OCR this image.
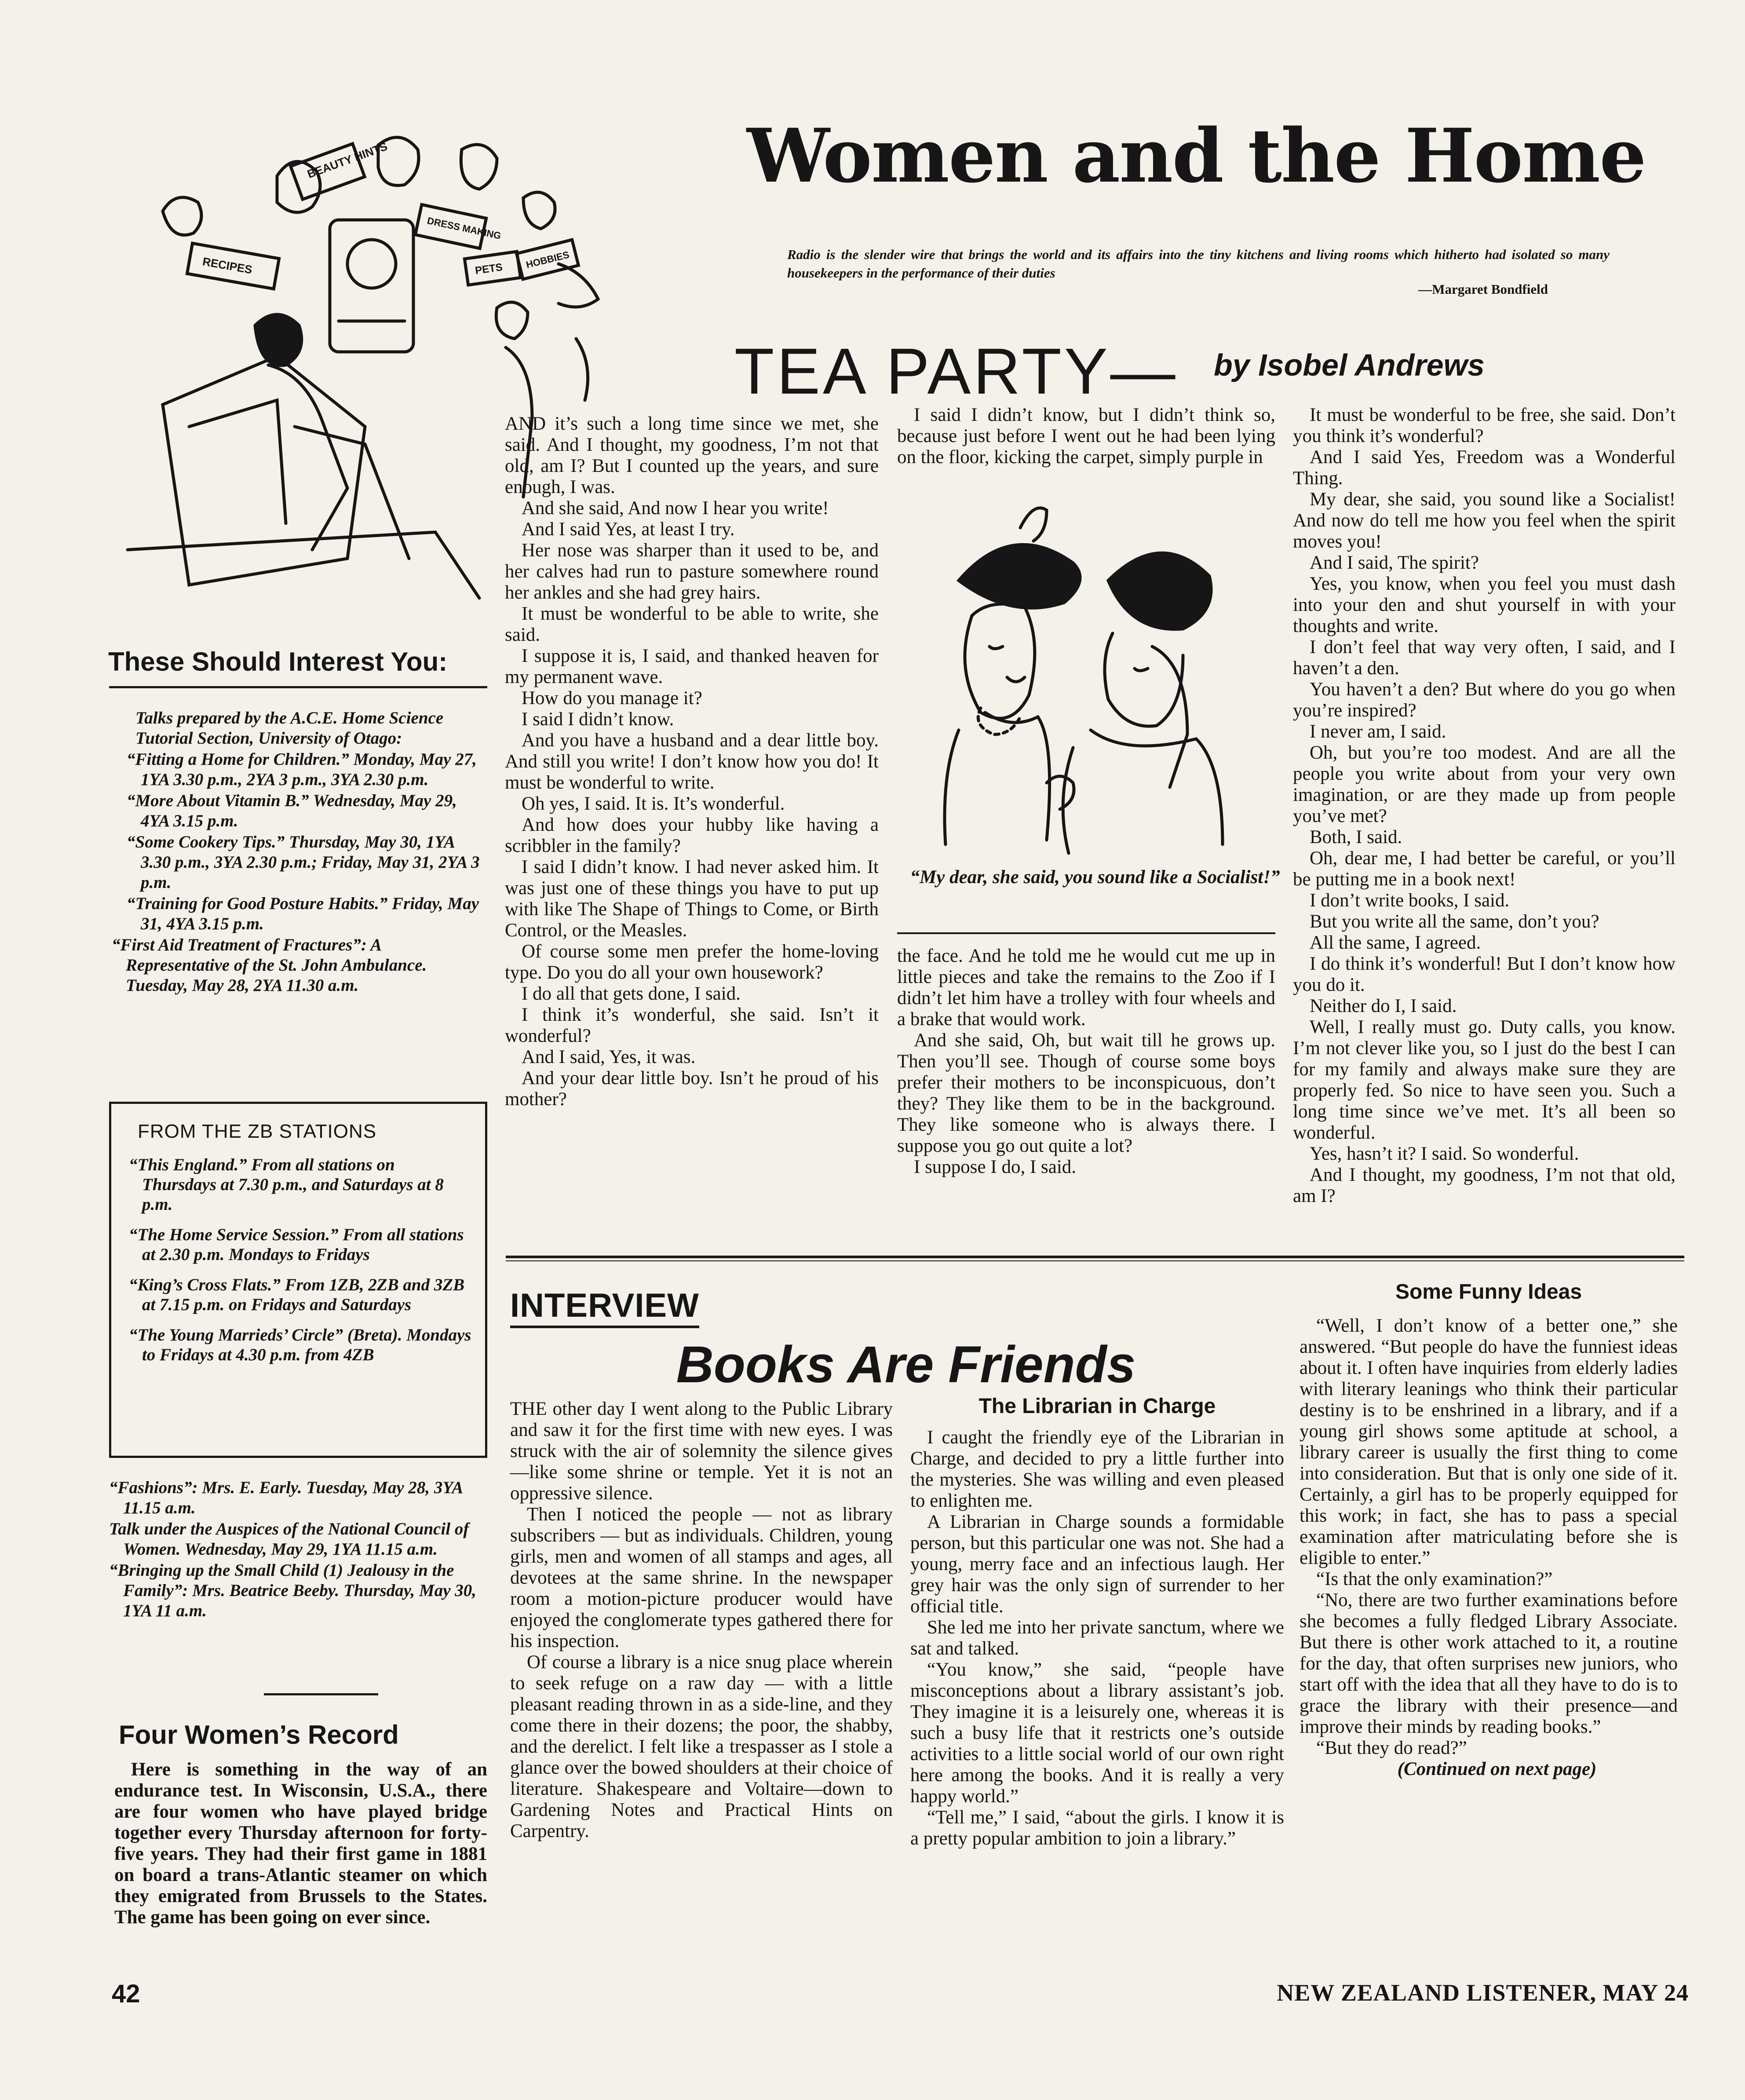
BEAUTY HINTS
RECIPES
DRESS MAKING
PETS HOBBIES
Women and the Home
Radio is the slender wire that brings the world and its affairs into the tiny kitchens and living rooms which hitherto had isolated so many housekeepers in the performance of their duties
—Margaret Bondfield
TEA PARTY— by Isobel Andrews

AND it’s such a long time since we met, she said. And I thought, my goodness, I’m not that old, am I? But I counted up the years, and sure enough, I was.

And she said, And now I hear you write!

And I said Yes, at least I try.

Her nose was sharper than it used to be, and her calves had run to pasture somewhere round her ankles and she had grey hairs.

It must be wonderful to be able to write, she said.

I suppose it is, I said, and thanked heaven for my permanent wave.

How do you manage it?

I said I didn’t know.

And you have a husband and a dear little boy. And still you write! I don’t know how you do! It must be wonderful to write.

Oh yes, I said. It is. It’s wonderful.

And how does your hubby like having a scribbler in the family?

I said I didn’t know. I had never asked him. It was just one of these things you have to put up with like The Shape of Things to Come, or Birth Control, or the Measles.

Of course some men prefer the home-loving type. Do you do all your own housework?

I do all that gets done, I said.

I think it’s wonderful, she said. Isn’t it wonderful?

And I said, Yes, it was.

And your dear little boy. Isn’t he proud of his mother?

I said I didn’t know, but I didn’t think so, because just before I went out he had been lying on the floor, kicking the carpet, simply purple in

“My dear, she said, you sound like a Socialist!”

the face. And he told me he would cut me up in little pieces and take the remains to the Zoo if I didn’t let him have a trolley with four wheels and a brake that would work.

And she said, Oh, but wait till he grows up. Then you’ll see. Though of course some boys prefer their mothers to be inconspicuous, don’t they? They like them to be in the background. They like someone who is always there. I suppose you go out quite a lot?

I suppose I do, I said.

It must be wonderful to be free, she said. Don’t you think it’s wonderful?

And I said Yes, Freedom was a Wonderful Thing.

My dear, she said, you sound like a Socialist! And now do tell me how you feel when the spirit moves you!

And I said, The spirit?

Yes, you know, when you feel you must dash into your den and shut yourself in with your thoughts and write.

I don’t feel that way very often, I said, and I haven’t a den.

You haven’t a den? But where do you go when you’re inspired?

I never am, I said.

Oh, but you’re too modest. And are all the people you write about from your very own imagination, or are they made up from people you’ve met?

Both, I said.

Oh, dear me, I had better be careful, or you’ll be putting me in a book next!

I don’t write books, I said.

But you write all the same, don’t you?

All the same, I agreed.

I do think it’s wonderful! But I don’t know how you do it.

Neither do I, I said.

Well, I really must go. Duty calls, you know. I’m not clever like you, so I just do the best I can for my family and always make sure they are properly fed. So nice to have seen you. Such a long time since we’ve met. It’s all been so wonderful.

Yes, hasn’t it? I said. So wonderful.

And I thought, my goodness, I’m not that old, am I?

These Should Interest You:

Talks prepared by the A.C.E. Home Science Tutorial Section, University of Otago:

“Fitting a Home for Children.” Monday, May 27, 1YA 3.30 p.m., 2YA 3 p.m., 3YA 2.30 p.m.

“More About Vitamin B.” Wednesday, May 29, 4YA 3.15 p.m.

“Some Cookery Tips.” Thursday, May 30, 1YA 3.30 p.m., 3YA 2.30 p.m.; Friday, May 31, 2YA 3 p.m.

“Training for Good Posture Habits.” Friday, May 31, 4YA 3.15 p.m.

“First Aid Treatment of Fractures”: A Representative of the St. John Ambulance. Tuesday, May 28, 2YA 11.30 a.m.

FROM THE ZB STATIONS

“This England.” From all stations on Thursdays at 7.30 p.m., and Saturdays at 8 p.m.

“The Home Service Session.” From all stations at 2.30 p.m. Mondays to Fridays

“King’s Cross Flats.” From 1ZB, 2ZB and 3ZB at 7.15 p.m. on Fridays and Saturdays

“The Young Marrieds’ Circle” (Breta). Mondays to Fridays at 4.30 p.m. from 4ZB

“Fashions”: Mrs. E. Early. Tuesday, May 28, 3YA 11.15 a.m.

Talk under the Auspices of the National Council of Women. Wednesday, May 29, 1YA 11.15 a.m.

“Bringing up the Small Child (1) Jealousy in the Family”: Mrs. Beatrice Beeby. Thursday, May 30, 1YA 11 a.m.

Four Women’s Record

Here is something in the way of an endurance test. In Wisconsin, U.S.A., there are four women who have played bridge together every Thursday afternoon for forty-five years. They had their first game in 1881 on board a trans-Atlantic steamer on which they emigrated from Brussels to the States. The game has been going on ever since.

INTERVIEW
Books Are Friends

THE other day I went along to the Public Library and saw it for the first time with new eyes. I was struck with the air of solemnity the silence gives—like some shrine or temple. Yet it is not an oppressive silence.

Then I noticed the people — not as library subscribers — but as individuals. Children, young girls, men and women of all stamps and ages, all devotees at the same shrine. In the newspaper room a motion-picture producer would have enjoyed the conglomerate types gathered there for his inspection.

Of course a library is a nice snug place wherein to seek refuge on a raw day — with a little pleasant reading thrown in as a side-line, and they come there in their dozens; the poor, the shabby, and the derelict. I felt like a trespasser as I stole a glance over the bowed shoulders at their choice of literature. Shakespeare and Voltaire—down to Gardening Notes and Practical Hints on Carpentry.

The Librarian in Charge

I caught the friendly eye of the Librarian in Charge, and decided to pry a little further into the mysteries. She was willing and even pleased to enlighten me.

A Librarian in Charge sounds a formidable person, but this particular one was not. She had a young, merry face and an infectious laugh. Her grey hair was the only sign of surrender to her official title.

She led me into her private sanctum, where we sat and talked.

“You know,” she said, “people have misconceptions about a library assistant’s job. They imagine it is a leisurely one, whereas it is such a busy life that it restricts one’s outside activities to a little social world of our own right here among the books. And it is really a very happy world.”

“Tell me,” I said, “about the girls. I know it is a pretty popular ambition to join a library.”

Some Funny Ideas

“Well, I don’t know of a better one,” she answered. “But people do have the funniest ideas about it. I often have inquiries from elderly ladies with literary leanings who think their particular destiny is to be enshrined in a library, and if a young girl shows some aptitude at school, a library career is usually the first thing to come into consideration. But that is only one side of it. Certainly, a girl has to be properly equipped for this work; in fact, she has to pass a special examination after matriculating before she is eligible to enter.”

“Is that the only examination?”

“No, there are two further examinations before she becomes a fully fledged Library Associate. But there is other work attached to it, a routine for the day, that often surprises new juniors, who start off with the idea that all they have to do is to grace the library with their presence—and improve their minds by reading books.”

“But they do read?”

(Continued on next page)

42	NEW ZEALAND LISTENER, MAY 24
